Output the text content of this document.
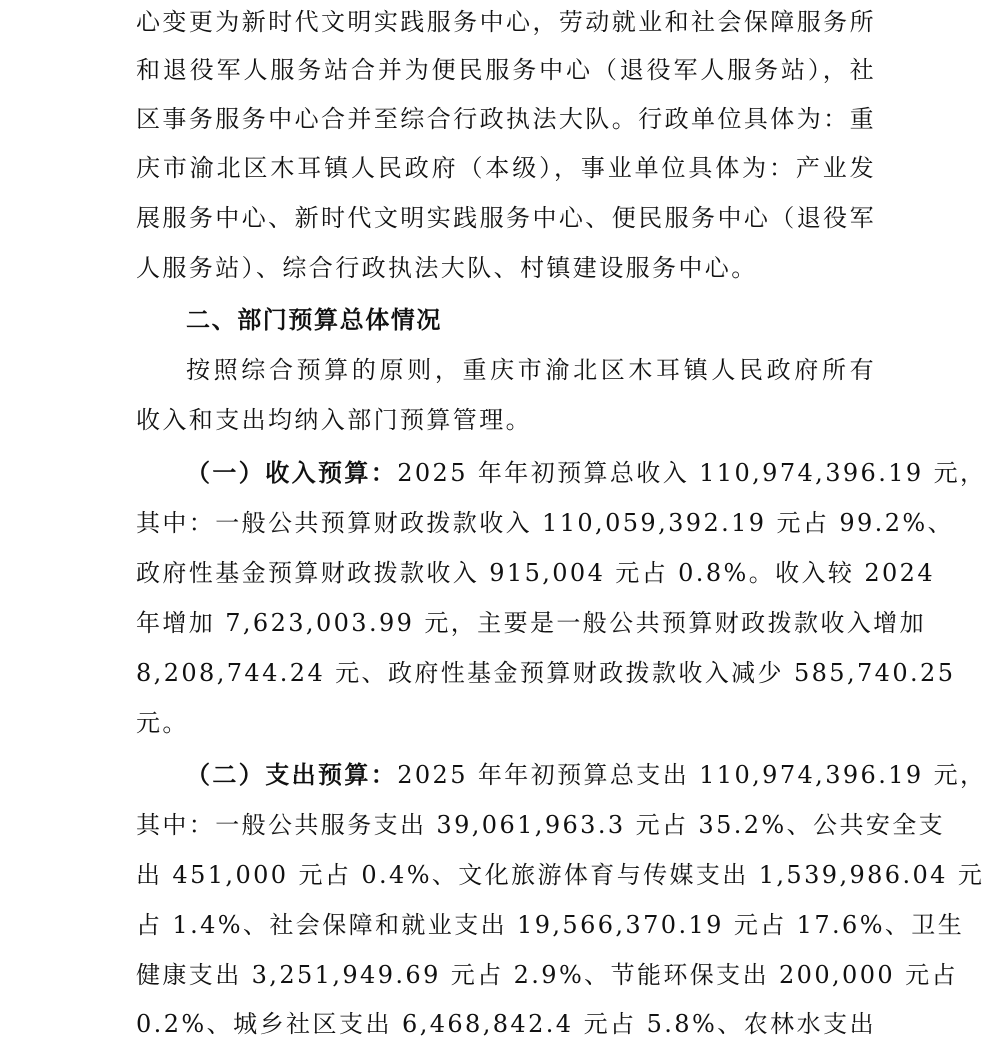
心变更为新时代文明实践服务中心，劳动就业和社会保障服务所
和退役军人服务站合并为便民服务中心（退役军人服务站），社
区事务服务中心合并至综合行政执法大队。行政单位具体为：重
庆市渝北区木耳镇人民政府（本级），事业单位具体为：产业发
展服务中心、新时代文明实践服务中心、便民服务中心（退役军
人服务站）、综合行政执法大队、村镇建设服务中心。
二、部门预算总体情况
按照综合预算的原则，重庆市渝北区木耳镇人民政府所有
收入和支出均纳入部门预算管理。
（一）收入预算：2025 年年初预算总收入 110,974,396.19 元，
其中：一般公共预算财政拨款收入 110,059,392.19 元占 99.2%、
政府性基金预算财政拨款收入 915,004 元占 0.8%。收入较 2024
年增加 7,623,003.99 元，主要是一般公共预算财政拨款收入增加
8,208,744.24 元、政府性基金预算财政拨款收入减少 585,740.25
元。
（二）支出预算：2025 年年初预算总支出 110,974,396.19 元，
其中：一般公共服务支出 39,061,963.3 元占 35.2%、公共安全支
出 451,000 元占 0.4%、文化旅游体育与传媒支出 1,539,986.04 元
占 1.4%、社会保障和就业支出 19,566,370.19 元占 17.6%、卫生
健康支出 3,251,949.69 元占 2.9%、节能环保支出 200,000 元占
0.2%、城乡社区支出 6,468,842.4 元占 5.8%、农林水支出
